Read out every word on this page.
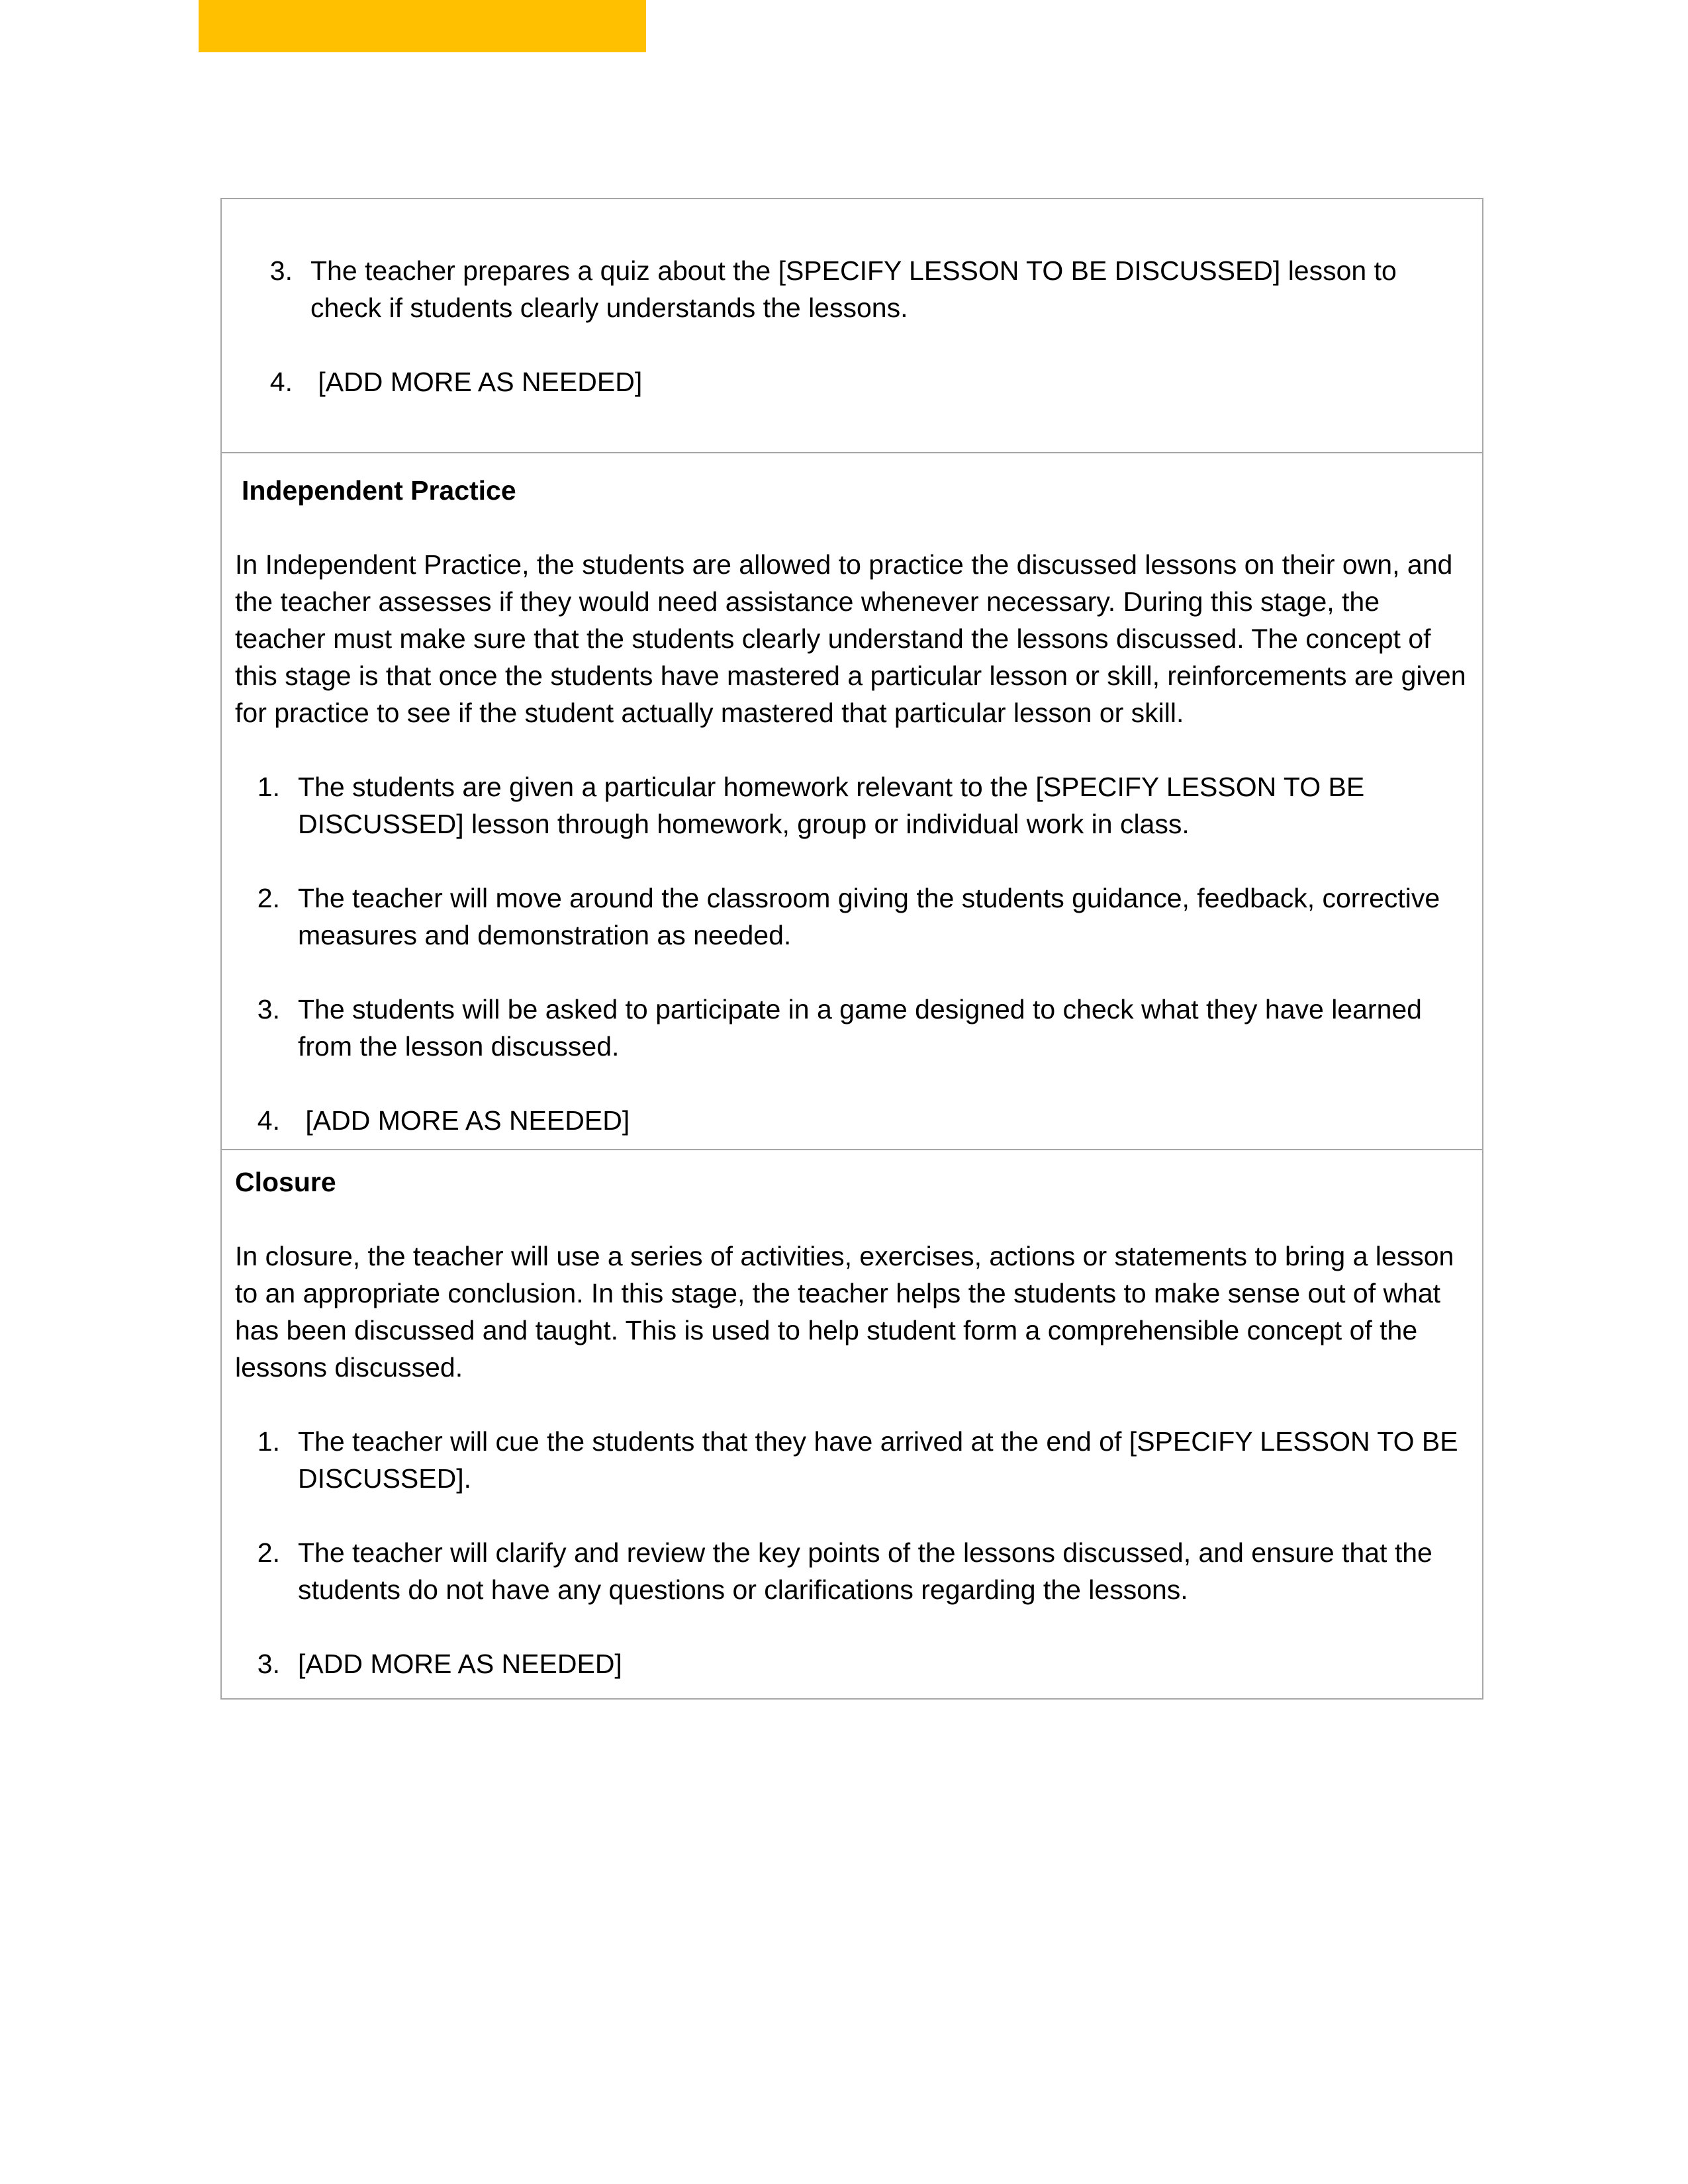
3. The teacher prepares a quiz about the [SPECIFY LESSON TO BE DISCUSSED] lesson to check if students clearly understands the lessons.

4. [ADD MORE AS NEEDED]

Independent Practice

In Independent Practice, the students are allowed to practice the discussed lessons on their own, and the teacher assesses if they would need assistance whenever necessary. During this stage, the teacher must make sure that the students clearly understand the lessons discussed. The concept of this stage is that once the students have mastered a particular lesson or skill, reinforcements are given for practice to see if the student actually mastered that particular lesson or skill.

1. The students are given a particular homework relevant to the [SPECIFY LESSON TO BE DISCUSSED] lesson through homework, group or individual work in class.

2. The teacher will move around the classroom giving the students guidance, feedback, corrective measures and demonstration as needed.

3. The students will be asked to participate in a game designed to check what they have learned from the lesson discussed.

4. [ADD MORE AS NEEDED]

Closure

In closure, the teacher will use a series of activities, exercises, actions or statements to bring a lesson to an appropriate conclusion. In this stage, the teacher helps the students to make sense out of what has been discussed and taught. This is used to help student form a comprehensible concept of the lessons discussed.

1. The teacher will cue the students that they have arrived at the end of [SPECIFY LESSON TO BE DISCUSSED].

2. The teacher will clarify and review the key points of the lessons discussed, and ensure that the students do not have any questions or clarifications regarding the lessons.

3. [ADD MORE AS NEEDED]
